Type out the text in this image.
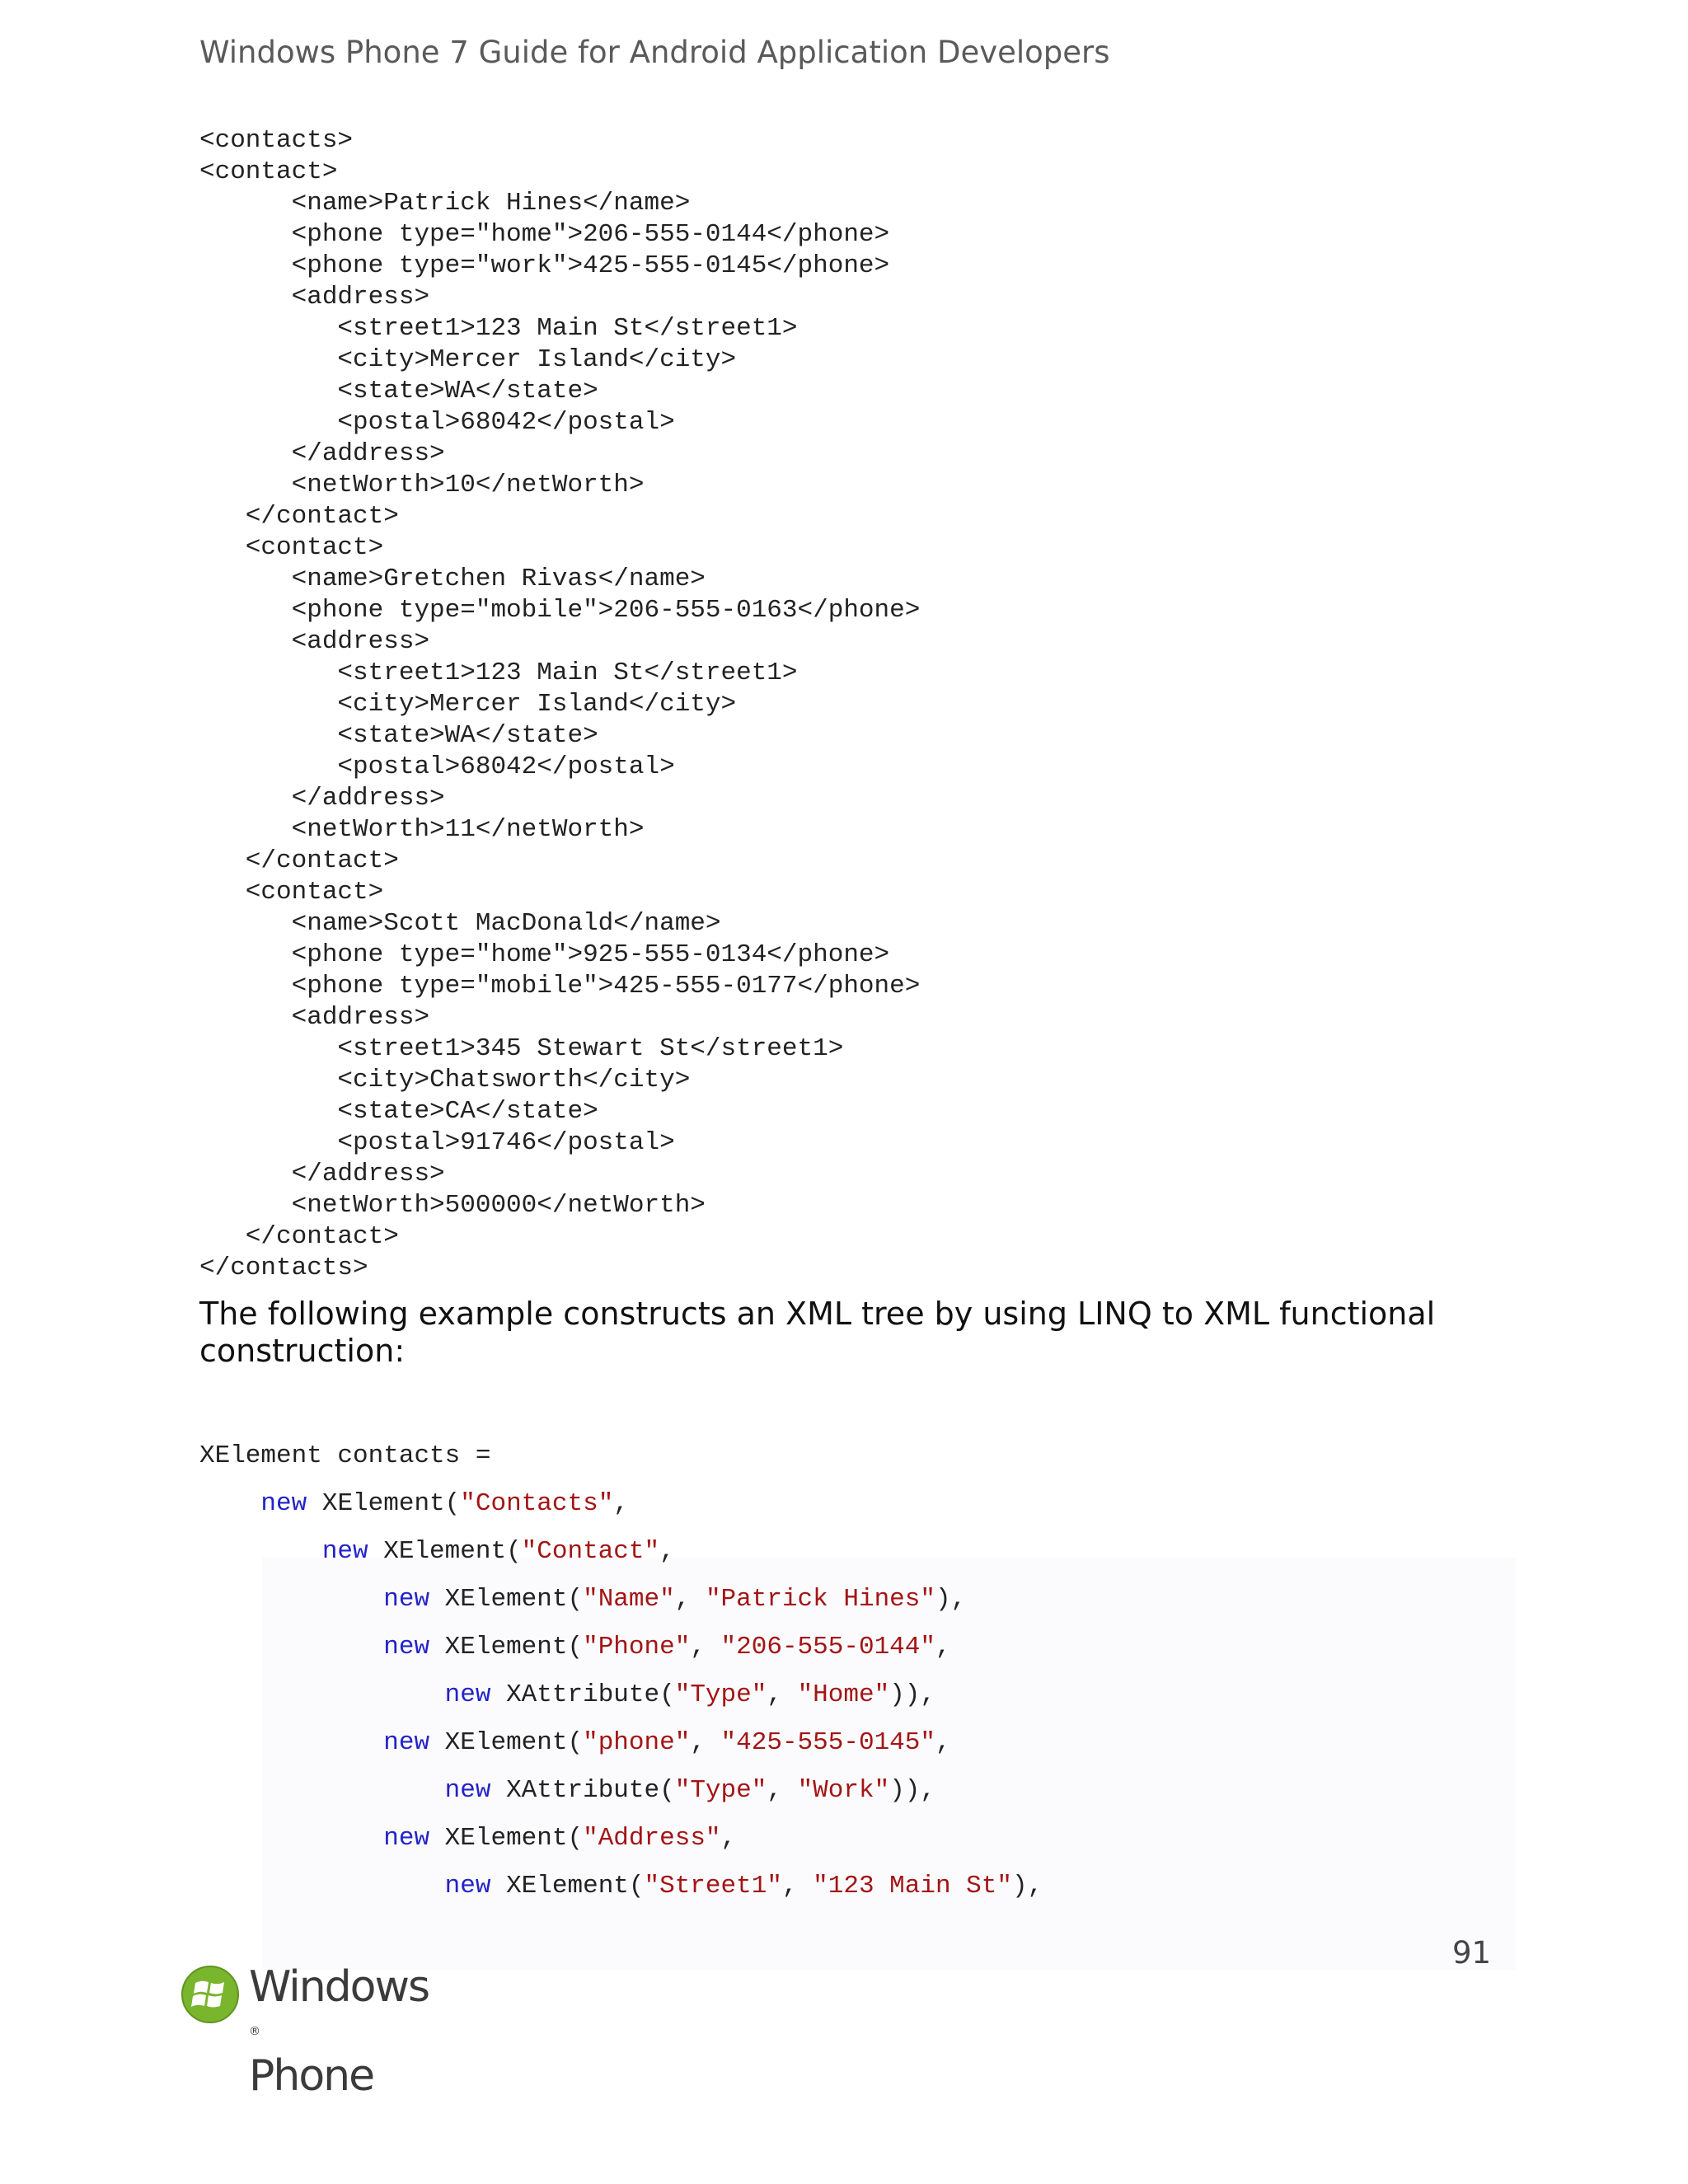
Windows Phone 7 Guide for Android Application Developers
<contacts>
<contact>
<name>Patrick Hines</name>
<phone type="home">206-555-0144</phone>
<phone type="work">425-555-0145</phone>
<address>
<street1>123 Main St</street1>
<city>Mercer Island</city>
<state>WA</state>
<postal>68042</postal>
</address>
<netWorth>10</netWorth>
</contact>
<contact>
<name>Gretchen Rivas</name>
<phone type="mobile">206-555-0163</phone>
<address>
<street1>123 Main St</street1>
<city>Mercer Island</city>
<state>WA</state>
<postal>68042</postal>
</address>
<netWorth>11</netWorth>
</contact>
<contact>
<name>Scott MacDonald</name>
<phone type="home">925-555-0134</phone>
<phone type="mobile">425-555-0177</phone>
<address>
<street1>345 Stewart St</street1>
<city>Chatsworth</city>
<state>CA</state>
<postal>91746</postal>
</address>
<netWorth>500000</netWorth>
</contact>
</contacts>

The following example constructs an XML tree by using LINQ to XML functional construction:

XElement contacts =
new XElement("Contacts",
new XElement("Contact",
new XElement("Name", "Patrick Hines"),
new XElement("Phone", "206-555-0144",
new XAttribute("Type", "Home")),
new XElement("phone", "425-555-0145",
new XAttribute("Type", "Work")),
new XElement("Address",
new XElement("Street1", "123 Main St"),
91
Windows
®
Phone
